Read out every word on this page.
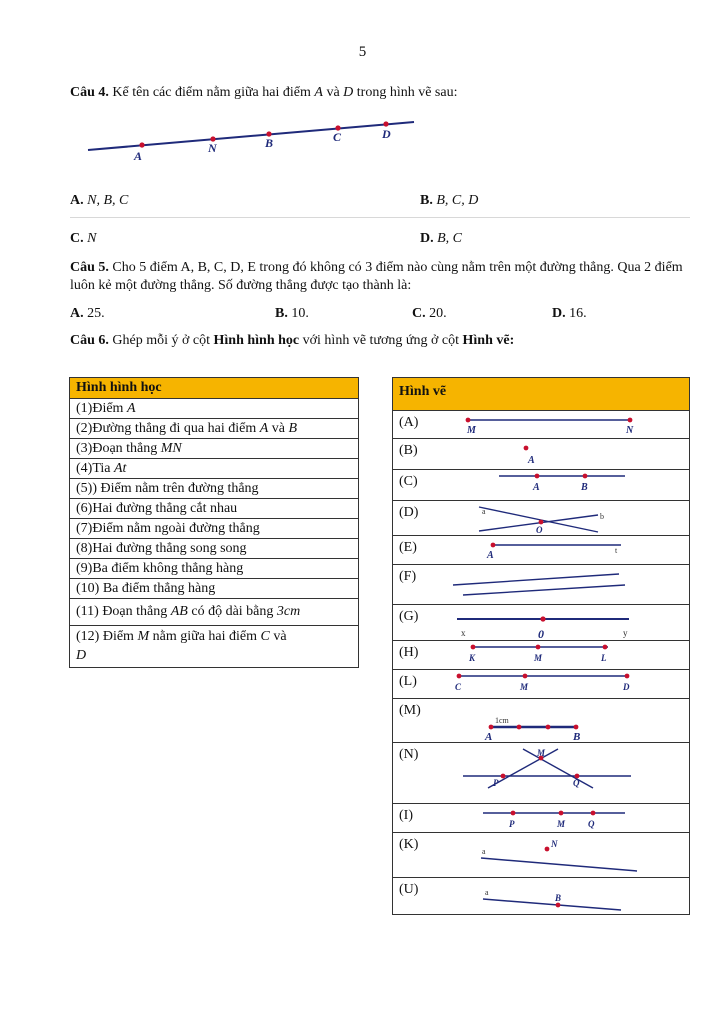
5
Câu 4. Kể tên các điểm nằm giữa hai điểm A và D trong hình vẽ sau:
A
N	B	C	D
A. N, B, C	B. B, C, D
C. N	D. B, C
Câu 5. Cho 5 điểm A, B, C, D, E trong đó không có 3 điểm nào cùng nằm trên một đường thẳng. Qua 2 điểm luôn kẻ một đường thẳng. Số đường thẳng được tạo thành là:
A. 25.	B. 10.	C. 20.	D. 16.
Câu 6. Ghép mỗi ý ở cột Hình hình học với hình vẽ tương ứng ở cột Hình vẽ:
Hình hình học
(1)Điểm A
(2)Đường thẳng đi qua hai điểm A và B
(3)Đoạn thẳng MN
(4)Tia At
(5)) Điểm nằm trên đường thẳng
(6)Hai đường thẳng cắt nhau
(7)Điểm nằm ngoài đường thẳng
(8)Hai đường thẳng song song
(9)Ba điểm không thẳng hàng
(10) Ba điểm thẳng hàng
(11) Đoạn thẳng AB có độ dài bằng 3cm
(12) Điểm M nằm giữa hai điểm C và
D
Hình vẽ
(A)
M	N
(B)
A
(C)	A	B
(D)	a
b
O
(E)
A	t
(F)
(G)
x	0	y
(H)	K	M	L
(L)	C	M	D
(M)
1cm
A	B
(N)	M
P	Q
(I)
P	M	Q
(K)	a
N
(U)	a
B
